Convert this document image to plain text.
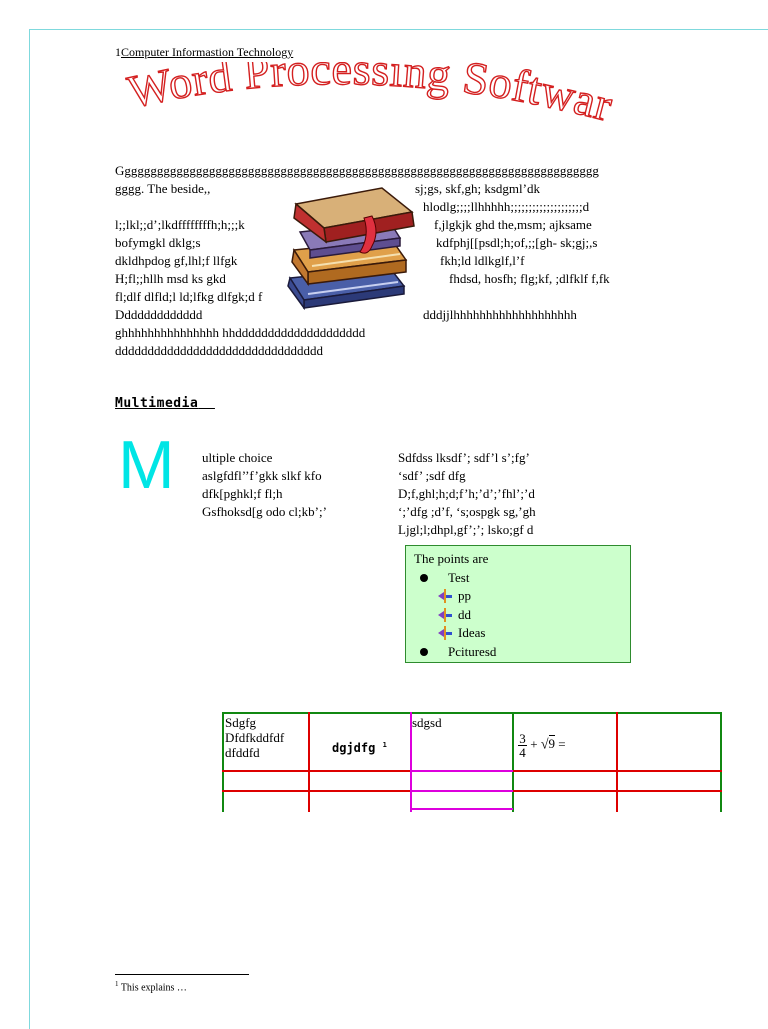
1Computer Informastion Technology
Word Processing Softwar
Gggggggggggggggggggggggggggggggggggggggggggggggggggggggggggggggggggggggggg
gggg. The beside,,
l;;lkl;;d’;lkdffffffffh;h;;;k
bofymgkl dklg;s
dkldhpdog gf,lhl;f llfgk
H;fl;;hllh msd ks gkd
fl;dlf dlfld;l ld;lfkg dlfgk;d f
Ddddddddddddd
sj;gs, skf,gh; ksdgml’dk
hlodlg;;;;llhhhhh;;;;;;;;;;;;;;;;;;;;d
f,jlgkjk ghd the,msm; ajksame
kdfphj[[psdl;h;of,;;[gh- sk;gj;,s
fkh;ld ldlkglf,l’f
fhdsd, hosfh; flg;kf, ;dlfklf f,fk
dddjjlhhhhhhhhhhhhhhhhhhh
ghhhhhhhhhhhhhhh hhdddddddddddddddddddd
dddddddddddddddddddddddddddddddd
Multimedia
M ultiple choice
aslgfdfl’’f’gkk slkf kfo
dfk[pghkl;f fl;h
Gsfhoksd[g odo cl;kb’;’
Sdfdss lksdf’; sdf’l s’;fg’
‘sdf’ ;sdf dfg
D;f,ghl;h;d;f’h;’d’;’fhl’;’d
‘;’dfg ;d’f, ‘s;ospgk sg,’gh
Ljgl;l;dhpl,gf’;’; lsko;gf d
The points are
Test
pp
dd
Ideas
Pcituresd
Sdgfg
Dfdfkddfdf
dfddfd	dgjdfg $^1$
sdgsd
$\frac{3}{4} + √9$ =
$^1$ This explains …
